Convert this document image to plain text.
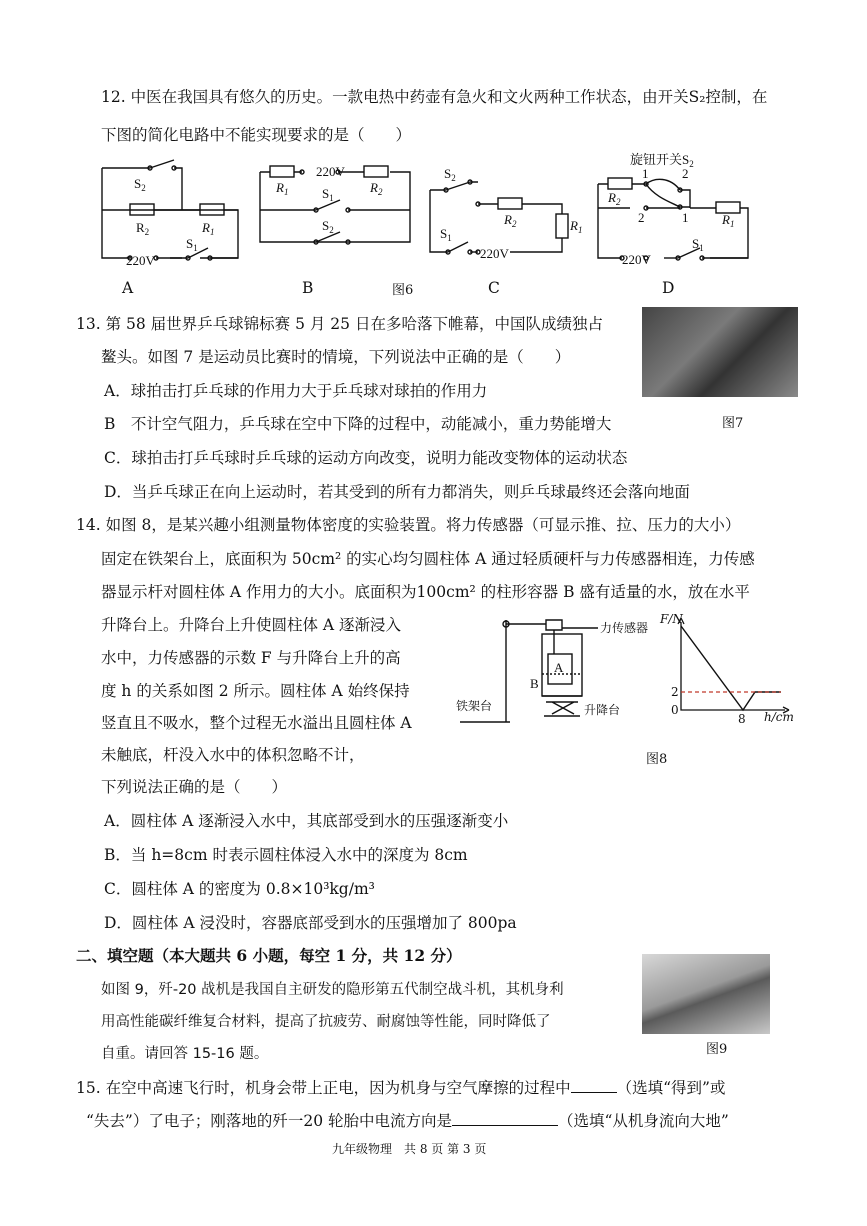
12. 中医在我国具有悠久的历史。一款电热中药壶有急火和文火两种工作状态，由开关S₂控制，在
下图的简化电路中不能实现要求的是（　　）
$S_2$
$R_2$	$R_1$
$S_1$
220V
220V
$R_1$	$R_2$
$S_1$
$S_2$
$S_2$
$R_2$	$R_1$
$S_1$
220V
旋钮开关$S_2$
$R_2$
$R_1$
1	2
2	1
$S_1$
220V
A	B	图6	C	D
13. 第 58 届世界乒乓球锦标赛 5 月 25 日在多哈落下帷幕，中国队成绩独占
鳌头。如图 7 是运动员比赛时的情境，下列说法中正确的是（　　）
图7
A．球拍击打乒乓球的作用力大于乒乓球对球拍的作用力
B　不计空气阻力，乒乓球在空中下降的过程中，动能减小，重力势能增大
C．球拍击打乒乓球时乒乓球的运动方向改变，说明力能改变物体的运动状态
D．当乒乓球正在向上运动时，若其受到的所有力都消失，则乒乓球最终还会落向地面
14. 如图 8，是某兴趣小组测量物体密度的实验装置。将力传感器（可显示推、拉、压力的大小）
固定在铁架台上，底面积为 50cm² 的实心均匀圆柱体 A 通过轻质硬杆与力传感器相连，力传感
器显示杆对圆柱体 A 作用力的大小。底面积为100cm² 的柱形容器 B 盛有适量的水，放在水平
升降台上。升降台上升使圆柱体 A 逐渐浸入
水中，力传感器的示数 F 与升降台上升的高
度 h 的关系如图 2 所示。圆柱体 A 始终保持
竖直且不吸水，整个过程无水溢出且圆柱体 A
未触底，杆没入水中的体积忽略不计，
下列说法正确的是（　　）
力传感器
A
B
铁架台	升降台
F/N
h/cm
2
0
8
图8
A．圆柱体 A 逐渐浸入水中，其底部受到水的压强逐渐变小
B．当 h=8cm 时表示圆柱体浸入水中的深度为 8cm
C．圆柱体 A 的密度为 0.8×10³kg/m³
D．圆柱体 A 浸没时，容器底部受到水的压强增加了 800pa
二、填空题（本大题共 6 小题，每空 1 分，共 12 分）
如图 9，歼-20 战机是我国自主研发的隐形第五代制空战斗机，其机身利
用高性能碳纤维复合材料，提高了抗疲劳、耐腐蚀等性能，同时降低了
自重。请回答 15-16 题。	图9
15. 在空中高速飞行时，机身会带上正电，因为机身与空气摩擦的过程中	（选填“得到”或
“失去”）了电子；刚落地的歼一20 轮胎中电流方向是	（选填“从机身流向大地”
九年级物理　共 8 页 第 3 页
